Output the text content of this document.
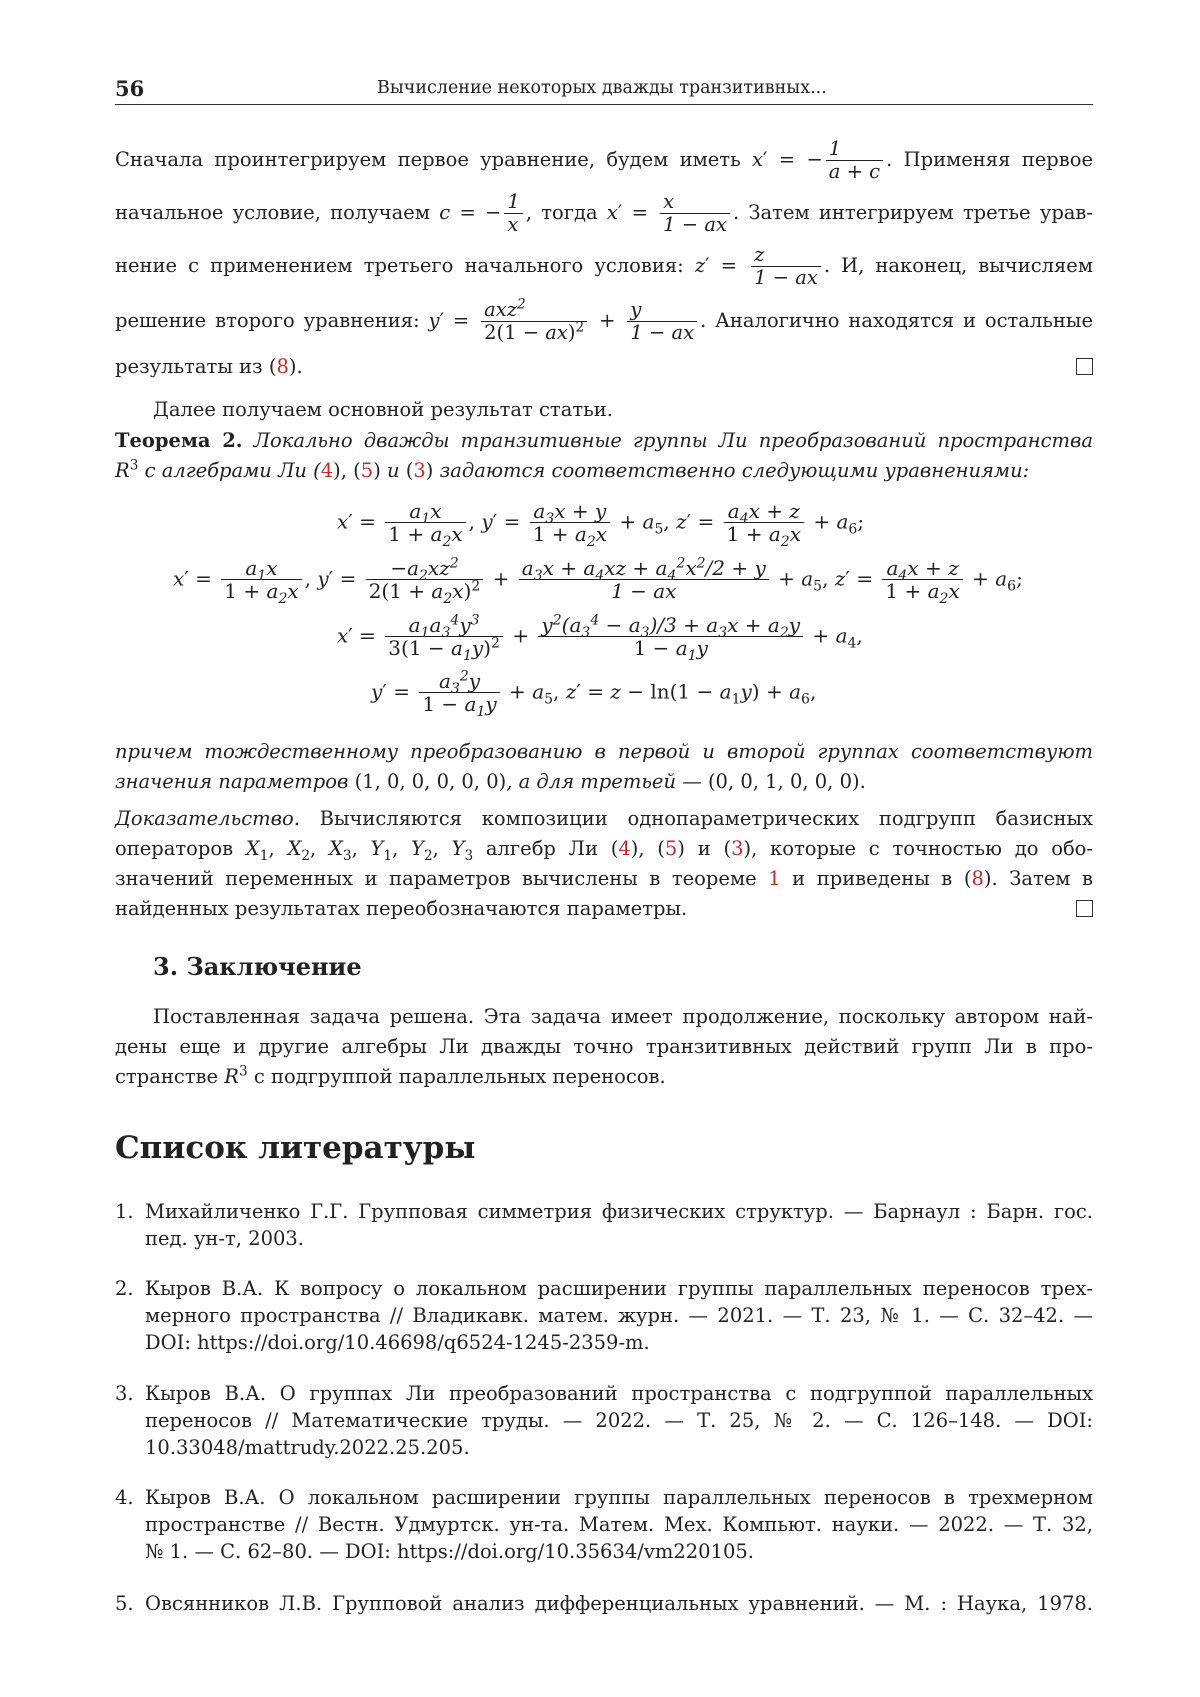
56	Вычисление некоторых дважды транзитивных...
Сначала проинтегрируем первое уравнение, будем иметь x′ = − 1
a + c
. Применяя первое
начальное условие, получаем c = − 1
x
, тогда x′ = x
1 − ax
. Затем интегрируем третье урав-
нение с применением третьего начального условия: z′ = z
1 − ax
. И, наконец, вычисляем
решение второго уравнения: y′ = axz2
2(1 − ax)2 + y
1 − ax
. Аналогично находятся и остальные
результаты из (8).
Далее получаем основной результат статьи.
Теорема 2. Локально дважды транзитивные группы Ли преобразований пространства
R3 с алгебрами Ли (4), (5) и (3) задаются соответственно следующими уравнениями:
x′ =	a1x
1 + a2x
, y′ = a3x + y
1 + a2x
+ a5, z′ = a4x + z
1 + a2x
+ a6;
x′ =	a1x
1 + a2x
, y′ =	−a2xz2
2(1 + a2x)2 + a3x + a4xz + a42x2/2 + y
1 − ax
+ a5, z′ = a4x + z
1 + a2x
+ a6;
x′ =	a1a34y3
3(1 − a1y)2 + y2(a34 − a3)/3 + a3x + a2y
1 − a1y
+ a4,
y′ =	a32y
1 − a1y
+ a5, z′ = z − ln(1 − a1y) + a6,
причем тождественному преобразованию в первой и второй группах соответствуют
значения параметров (1, 0, 0, 0, 0, 0), а для третьей — (0, 0, 1, 0, 0, 0).
Доказательство. Вычисляются композиции однопараметрических подгрупп базисных
операторов X1, X2, X3, Y1, Y2, Y3 алгебр Ли (4), (5) и (3), которые с точностью до обо-
значений переменных и параметров вычислены в теореме 1 и приведены в (8). Затем в
найденных результатах переобозначаются параметры.
3. Заключение
Поставленная задача решена. Эта задача имеет продолжение, поскольку автором най-
дены еще и другие алгебры Ли дважды точно транзитивных действий групп Ли в про-
странстве R3 с подгруппой параллельных переносов.
Список литературы
1. Михайличенко Г.Г. Групповая симметрия физических структур. — Барнаул : Барн. гос.
пед. ун-т, 2003.
2. Кыров В.А. К вопросу о локальном расширении группы параллельных переносов трех-
мерного пространства // Владикавк. матем. журн. — 2021. — Т. 23, № 1. — С. 32–42. —
DOI: https://doi.org/10.46698/q6524-1245-2359-m.
3. Кыров В.А. О группах Ли преобразований пространства с подгруппой параллельных
переносов // Математические труды. — 2022. — Т. 25, № 2. — С. 126–148. — DOI:
10.33048/mattrudy.2022.25.205.
4. Кыров В.А. О локальном расширении группы параллельных переносов в трехмерном
пространстве // Вестн. Удмуртск. ун-та. Матем. Мех. Компьют. науки. — 2022. — Т. 32,
№ 1. — С. 62–80. — DOI: https://doi.org/10.35634/vm220105.
5. Овсянников Л.В. Групповой анализ дифференциальных уравнений. — М. : Наука, 1978.
